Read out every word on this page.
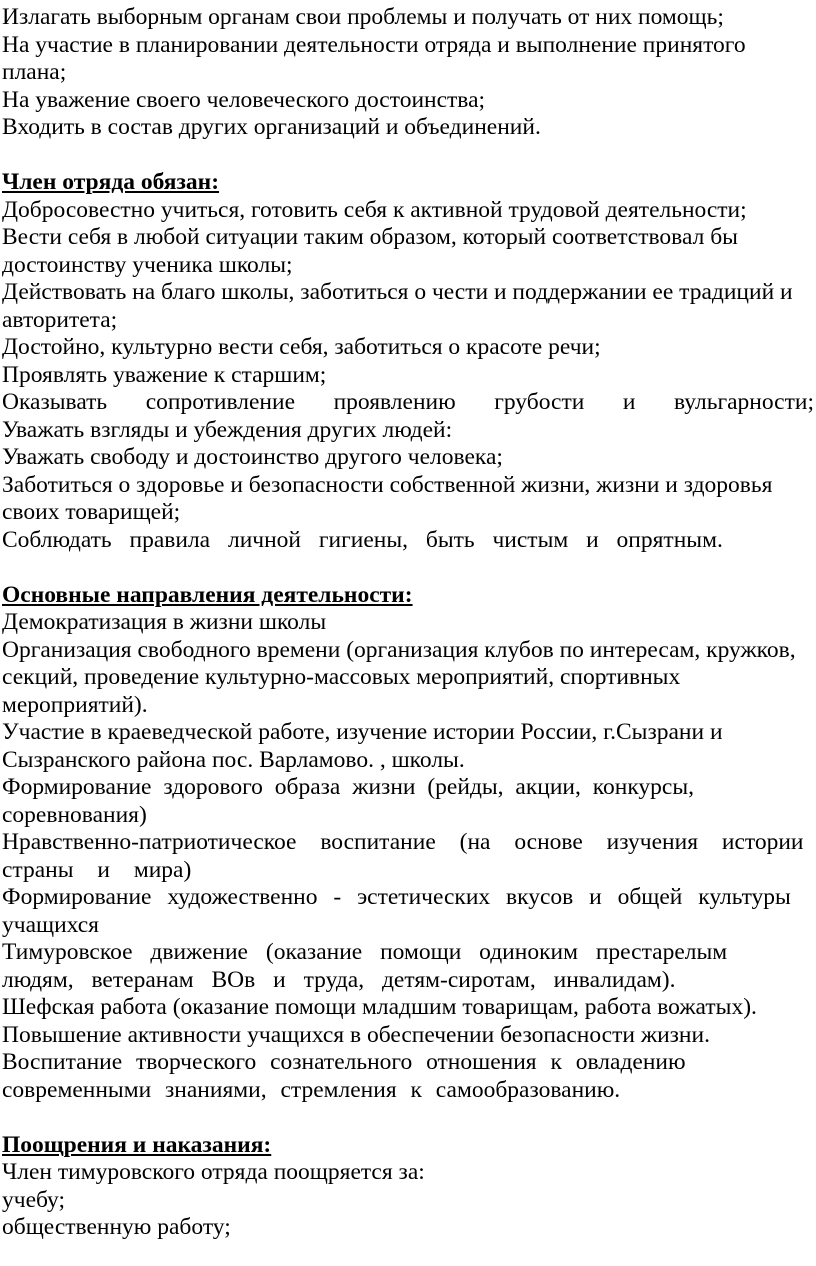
Излагать выборным органам свои проблемы и получать от них помощь;

На участие в планировании деятельности отряда и выполнение принятого плана;

На уважение своего человеческого достоинства;

Входить в состав других организаций и объединений.

Член отряда обязан:

Добросовестно учиться, готовить себя к активной трудовой деятельности;

Вести себя в любой ситуации таким образом, который соответствовал бы достоинству ученика школы;

Действовать на благо школы, заботиться о чести и поддержании ее традиций и авторитета;

Достойно, культурно вести себя, заботиться о красоте речи;

Проявлять уважение к старшим;

Оказывать сопротивление проявлению грубости и вульгарности;

Уважать взгляды и убеждения других людей:

Уважать свободу и достоинство другого человека;

Заботиться о здоровье и безопасности собственной жизни, жизни и здоровья своих товарищей;

Соблюдать правила личной гигиены, быть чистым и опрятным.

Основные направления деятельности:

Демократизация в жизни школы

Организация свободного времени (организация клубов по интересам, кружков, секций, проведение культурно-массовых мероприятий, спортивных мероприятий).

Участие в краеведческой работе, изучение истории России, г.Сызрани и Сызранского района пос. Варламово. , школы.

Формирование здорового образа жизни (рейды, акции, конкурсы, соревнования)

Нравственно-патриотическое воспитание (на основе изучения истории страны и мира)

Формирование художественно - эстетических вкусов и общей культуры учащихся

Тимуровское движение (оказание помощи одиноким престарелым людям, ветеранам ВОв и труда, детям-сиротам, инвалидам).

Шефская работа (оказание помощи младшим товарищам, работа вожатых).

Повышение активности учащихся в обеспечении безопасности жизни.

Воспитание творческого сознательного отношения к овладению современными знаниями, стремления к самообразованию.

Поощрения и наказания:

Член тимуровского отряда поощряется за:

учебу;

общественную работу;
